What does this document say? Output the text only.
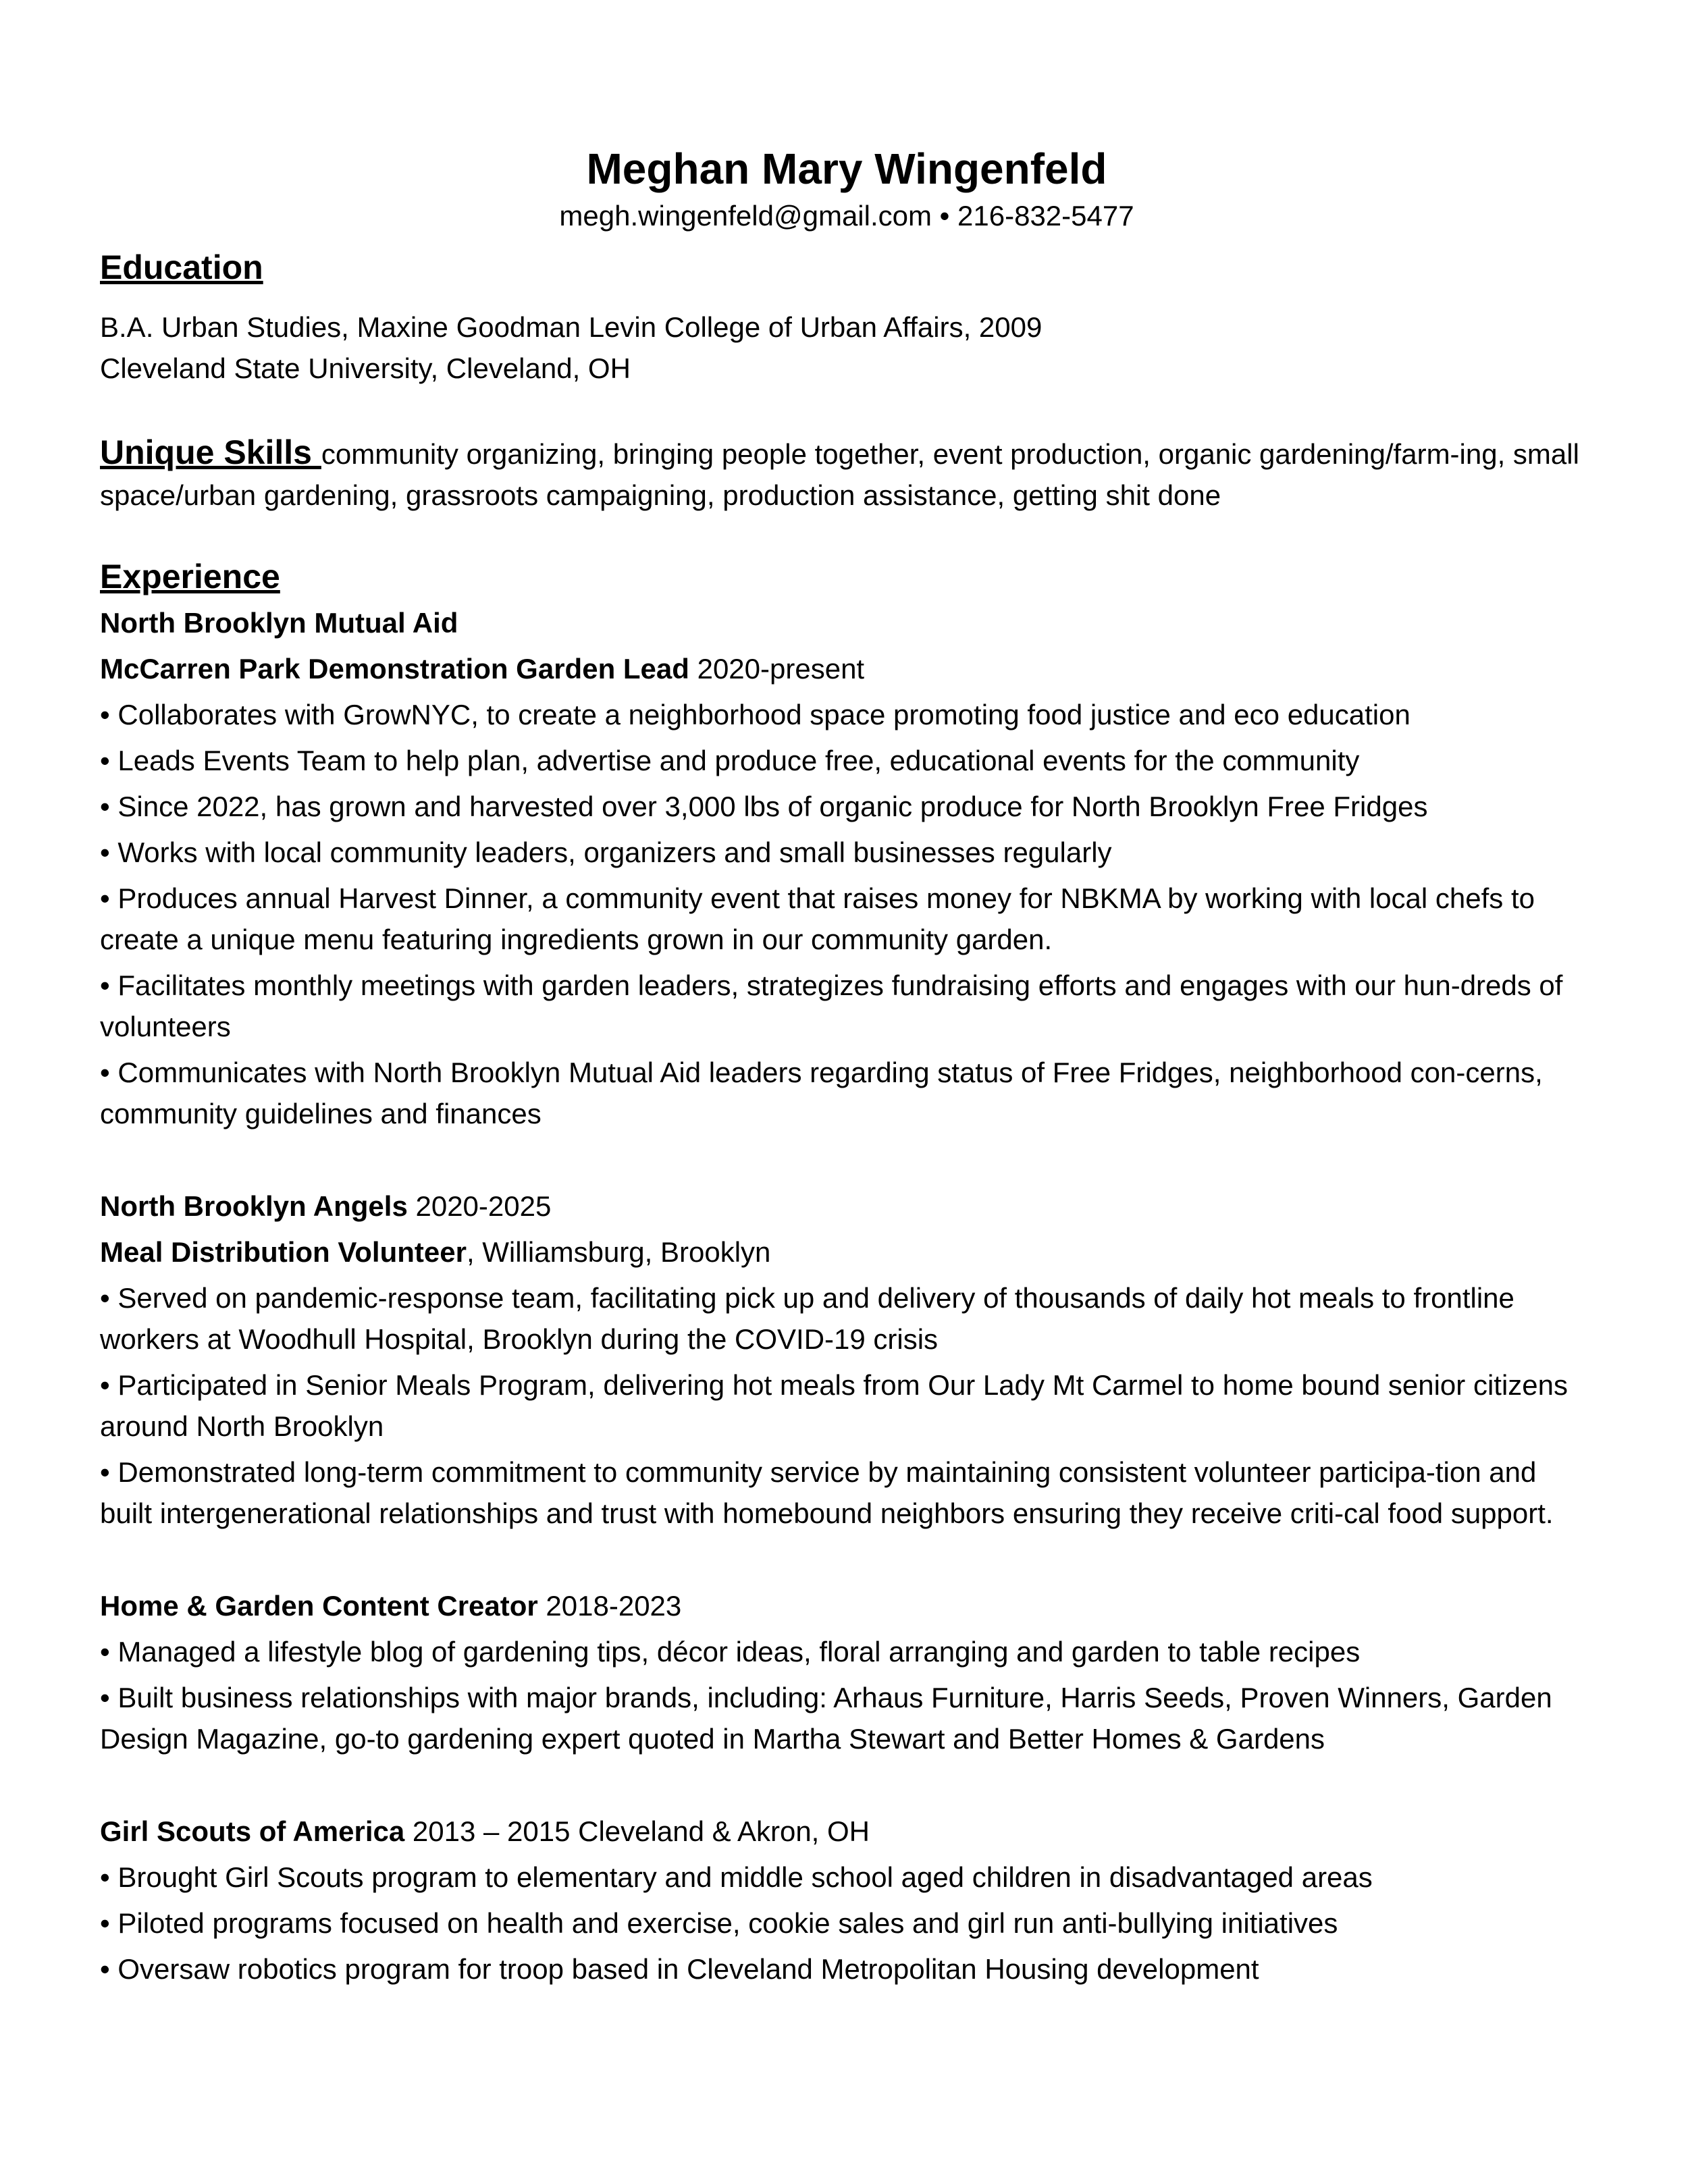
Meghan Mary Wingenfeld

megh.wingenfeld@gmail.com • 216-832-5477

Education

B.A. Urban Studies, Maxine Goodman Levin College of Urban Affairs, 2009

Cleveland State University, Cleveland, OH

Unique Skills community organizing, bringing people together, event production, organic gardening/farm-ing, small space/urban gardening, grassroots campaigning, production assistance, getting shit done
Experience

North Brooklyn Mutual Aid

McCarren Park Demonstration Garden Lead 2020-present

• Collaborates with GrowNYC, to create a neighborhood space promoting food justice and eco education

• Leads Events Team to help plan, advertise and produce free, educational events for the community

• Since 2022, has grown and harvested over 3,000 lbs of organic produce for North Brooklyn Free Fridges

• Works with local community leaders, organizers and small businesses regularly

• Produces annual Harvest Dinner, a community event that raises money for NBKMA by working with local chefs to create a unique menu featuring ingredients grown in our community garden.

• Facilitates monthly meetings with garden leaders, strategizes fundraising efforts and engages with our hun-dreds of volunteers

• Communicates with North Brooklyn Mutual Aid leaders regarding status of Free Fridges, neighborhood con-cerns, community guidelines and finances

North Brooklyn Angels 2020-2025

Meal Distribution Volunteer, Williamsburg, Brooklyn

• Served on pandemic-response team, facilitating pick up and delivery of thousands of daily hot meals to frontline workers at Woodhull Hospital, Brooklyn during the COVID-19 crisis

• Participated in Senior Meals Program, delivering hot meals from Our Lady Mt Carmel to home bound senior citizens around North Brooklyn

• Demonstrated long-term commitment to community service by maintaining consistent volunteer participa-tion and built intergenerational relationships and trust with homebound neighbors ensuring they receive criti-cal food support.

Home & Garden Content Creator 2018-2023

• Managed a lifestyle blog of gardening tips, décor ideas, floral arranging and garden to table recipes

• Built business relationships with major brands, including: Arhaus Furniture, Harris Seeds, Proven Winners, Garden Design Magazine, go-to gardening expert quoted in Martha Stewart and Better Homes & Gardens

Girl Scouts of America 2013 – 2015 Cleveland & Akron, OH

• Brought Girl Scouts program to elementary and middle school aged children in disadvantaged areas

• Piloted programs focused on health and exercise, cookie sales and girl run anti-bullying initiatives

• Oversaw robotics program for troop based in Cleveland Metropolitan Housing development
